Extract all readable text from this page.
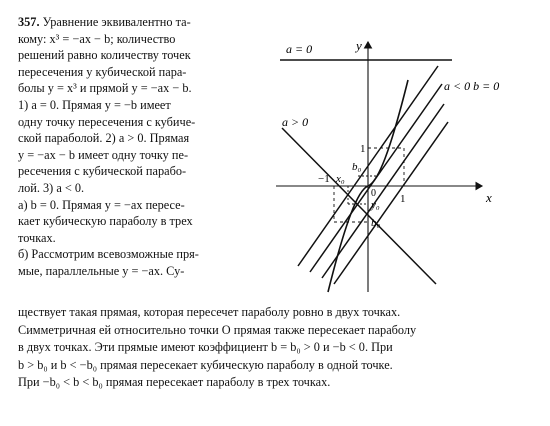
357. Уравнение эквивалентно та-
кому: x³ = −ax − b; количество
решений равно количеству точек
пересечения у кубической пара-
болы y = x³ и прямой y = −ax − b.
1) a = 0. Прямая y = −b имеет
одну точку пересечения с кубиче-
ской параболой. 2) a > 0. Прямая
y = −ax − b имеет одну точку пе-
ресечения с кубической парабо-
лой. 3) a < 0.
а) b = 0. Прямая y = −ax пересе-
кает кубическую параболу в трех
точках.
б) Рассмотрим всевозможные пря-
мые, параллельные y = −ax. Су-
ществует такая прямая, которая пересечет параболу ровно в двух точках.
Симметричная ей относительно точки O прямая также пересекает параболу
в двух точках. Эти прямые имеют коэффициент b = b₀ > 0 и −b < 0. При
b > b₀ и b < −b₀ прямая пересекает кубическую параболу в одной точке.
При −b₀ < b < b₀ прямая пересекает параболу в трех точках.
a = 0
a < 0 b = 0
a > 0
y
x
1
1
−1 x₀
b₀
0
y₀
b₀
